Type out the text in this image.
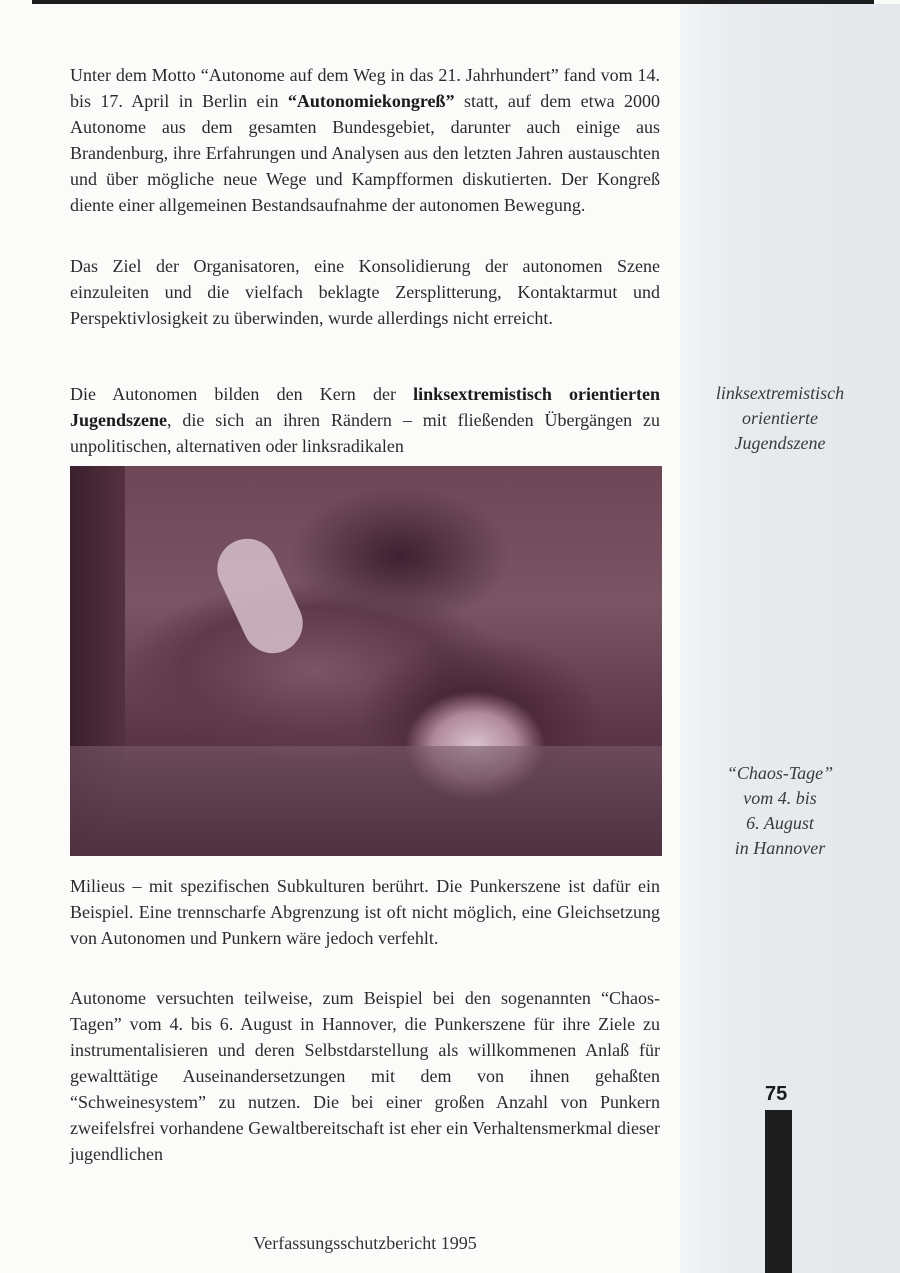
Unter dem Motto “Autonome auf dem Weg in das 21. Jahrhundert” fand vom 14. bis 17. April in Berlin ein “Autonomiekongreß” statt, auf dem etwa 2000 Autonome aus dem gesamten Bundesgebiet, darunter auch einige aus Brandenburg, ihre Erfahrungen und Analysen aus den letzten Jahren austauschten und über mögliche neue Wege und Kampfformen diskutierten. Der Kongreß diente einer allgemeinen Bestandsaufnahme der autonomen Bewegung.

Das Ziel der Organisatoren, eine Konsolidierung der autonomen Szene einzuleiten und die vielfach beklagte Zersplitterung, Kontaktarmut und Perspektivlosigkeit zu überwinden, wurde allerdings nicht erreicht.

Die Autonomen bilden den Kern der linksextremistisch orientierten Jugendszene, die sich an ihren Rändern – mit fließenden Übergängen zu unpolitischen, alternativen oder linksradikalen

Milieus – mit spezifischen Subkulturen berührt. Die Punkerszene ist dafür ein Beispiel. Eine trennscharfe Abgrenzung ist oft nicht möglich, eine Gleichsetzung von Autonomen und Punkern wäre jedoch verfehlt.

Autonome versuchten teilweise, zum Beispiel bei den sogenannten “Chaos-Tagen” vom 4. bis 6. August in Hannover, die Punkerszene für ihre Ziele zu instrumentalisieren und deren Selbstdarstellung als willkommenen Anlaß für gewalttätige Auseinandersetzungen mit dem von ihnen gehaßten “Schweinesystem” zu nutzen. Die bei einer großen Anzahl von Punkern zweifelsfrei vorhandene Gewaltbereitschaft ist eher ein Verhaltensmerkmal dieser jugendlichen

linksextremistisch
orientierte
Jugendszene

“Chaos-Tage”
vom 4. bis
6. August
in Hannover

75

Verfassungsschutzbericht 1995
